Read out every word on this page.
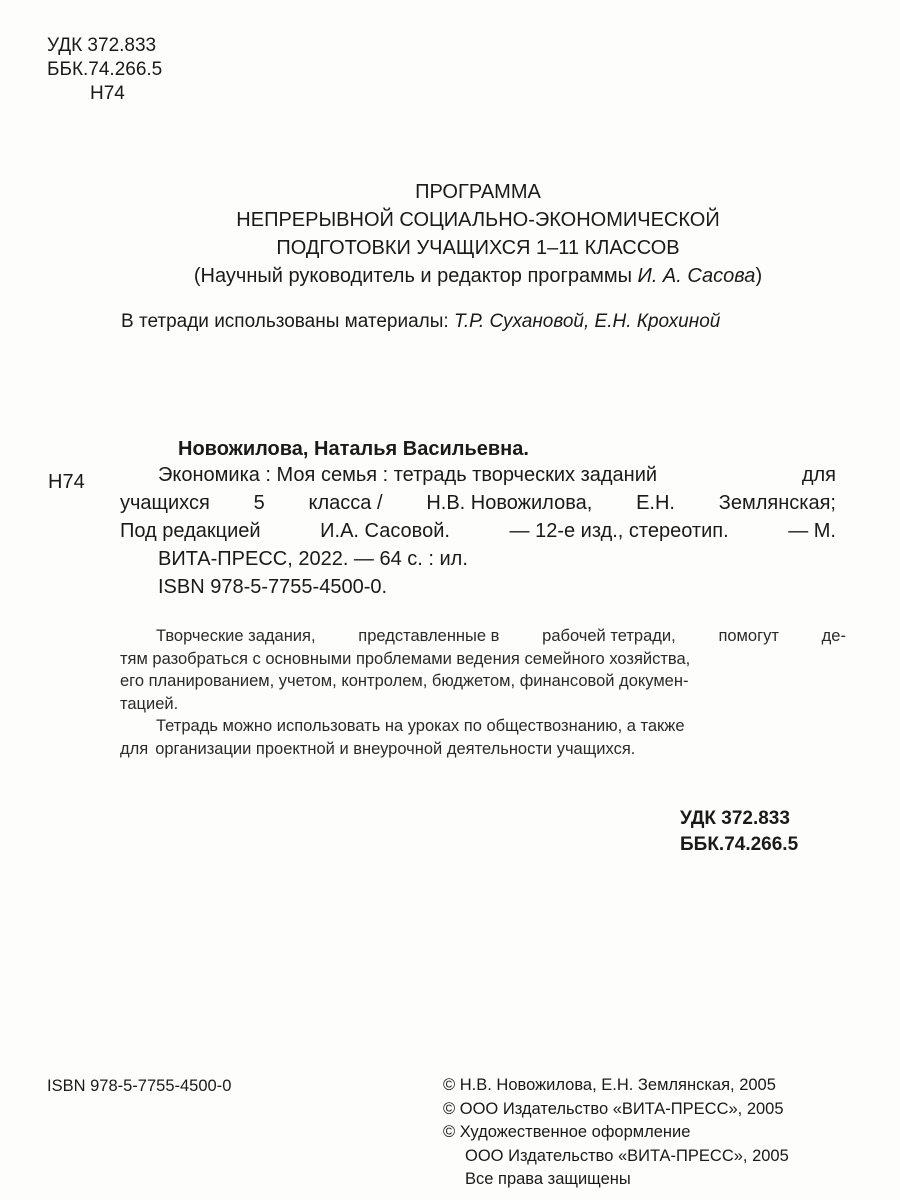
УДК 372.833
ББК.74.266.5
Н74
ПРОГРАММА
НЕПРЕРЫВНОЙ СОЦИАЛЬНО-ЭКОНОМИЧЕСКОЙ
ПОДГОТОВКИ УЧАЩИХСЯ 1–11 КЛАССОВ
(Научный руководитель и редактор программы И. А. Сасова)
В тетради использованы материалы: Т.Р. Сухановой, Е.Н. Крохиной
Новожилова, Наталья Васильевна.
Н74	Экономика : Моя семья : тетрадь творческих заданий	для
учащихся 5 класса / Н.В. Новожилова, Е.Н. Землянская;
Под редакцией	И.А. Сасовой.	— 12-е изд., стереотип.	— М.
ВИТА-ПРЕСС, 2022. — 64 с. : ил.
ISBN 978-5-7755-4500-0.
Творческие задания,	представленные в	рабочей тетради,	помогут	де-
тям разобраться с основными проблемами ведения семейного хозяйства,
его планированием, учетом, контролем, бюджетом, финансовой докумен-
тацией.
Тетрадь можно использовать на уроках по обществознанию, а также
для организации проектной и внеурочной деятельности учащихся.
УДК 372.833
ББК.74.266.5
ISBN 978-5-7755-4500-0	© Н.В. Новожилова, Е.Н. Землянская, 2005
© ООО Издательство «ВИТА-ПРЕСС», 2005
© Художественное оформление
ООО Издательство «ВИТА-ПРЕСС», 2005
Все права защищены
